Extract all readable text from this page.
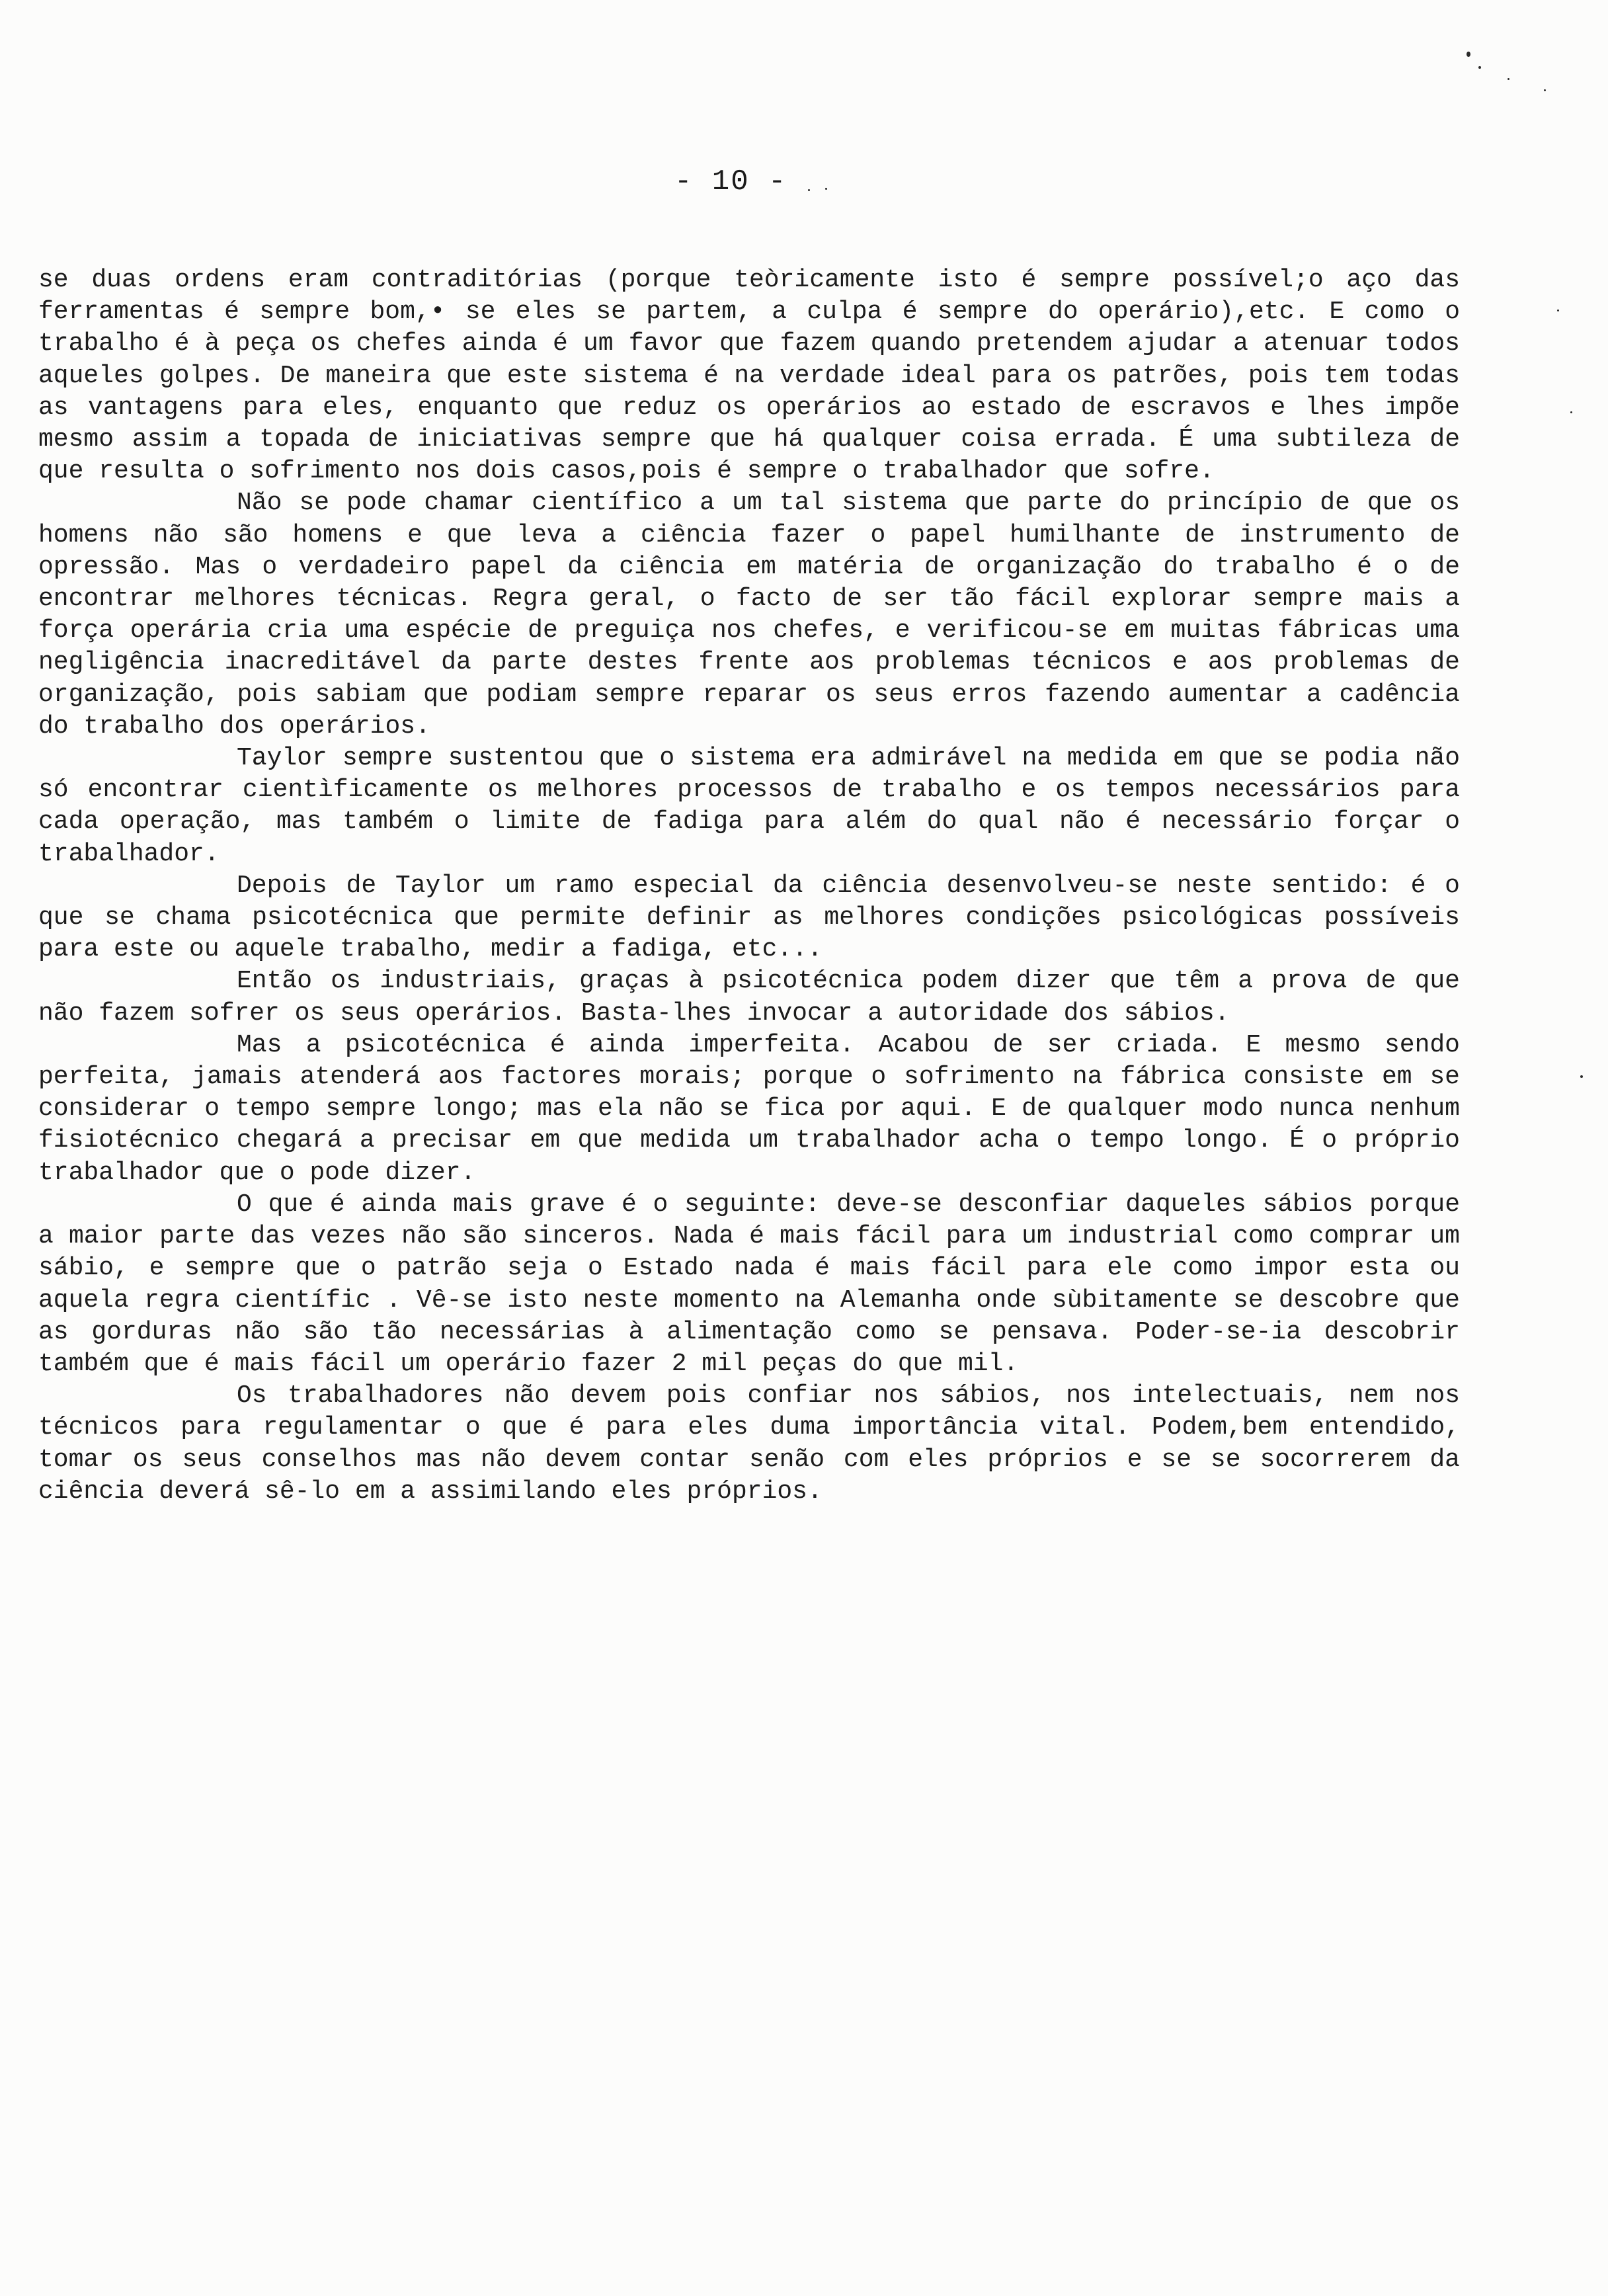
- 10 -

se duas ordens eram contraditórias (porque teòricamente isto é sempre possível;o aço das ferramentas é sempre bom,• se eles se partem, a culpa é sempre do operário),etc. E como o trabalho é à peça os chefes ainda é um favor que fazem quando pretendem ajudar a atenuar todos aqueles golpes. De maneira que este sistema é na verdade ideal para os patrões, pois tem todas as vantagens para eles, enquanto que reduz os operários ao estado de escravos e lhes impõe mesmo assim a topada de iniciativas sempre que há qualquer coisa errada. É uma subtileza de que resulta o sofrimento nos dois casos,pois é sempre o trabalhador que sofre.

Não se pode chamar científico a um tal sistema que parte do princípio de que os homens não são homens e que leva a ciência fazer o papel humilhante de instrumento de opressão. Mas o verdadeiro papel da ciência em matéria de organização do trabalho é o de encontrar melhores técnicas. Regra geral, o facto de ser tão fácil explorar sempre mais a força operária cria uma espécie de preguiça nos chefes, e verificou-se em muitas fábricas uma negligência inacreditável da parte destes frente aos problemas técnicos e aos problemas de organização, pois sabiam que podiam sempre reparar os seus erros fazendo aumentar a cadência do trabalho dos operários.

Taylor sempre sustentou que o sistema era admirável na medida em que se podia não só encontrar cientìficamente os melhores processos de trabalho e os tempos necessários para cada operação, mas também o limite de fadiga para além do qual não é necessário forçar o trabalhador.

Depois de Taylor um ramo especial da ciência desenvolveu-se neste sentido: é o que se chama psicotécnica que permite definir as melhores condições psicológicas possíveis para este ou aquele trabalho, medir a fadiga, etc...

Então os industriais, graças à psicotécnica podem dizer que têm a prova de que não fazem sofrer os seus operários. Basta-lhes invocar a autoridade dos sábios.

Mas a psicotécnica é ainda imperfeita. Acabou de ser criada. E mesmo sendo perfeita, jamais atenderá aos factores morais; porque o sofrimento na fábrica consiste em se considerar o tempo sempre longo; mas ela não se fica por aqui. E de qualquer modo nunca nenhum fisiotécnico chegará a precisar em que medida um trabalhador acha o tempo longo. É o próprio trabalhador que o pode dizer.

O que é ainda mais grave é o seguinte: deve-se desconfiar daqueles sábios porque a maior parte das vezes não são sinceros. Nada é mais fácil para um industrial como comprar um sábio, e sempre que o patrão seja o Estado nada é mais fácil para ele como impor esta ou aquela regra científic . Vê-se isto neste momento na Alemanha onde sùbitamente se descobre que as gorduras não são tão necessárias à alimentação como se pensava. Poder-se-ia descobrir também que é mais fácil um operário fazer 2 mil peças do que mil.

Os trabalhadores não devem pois confiar nos sábios, nos intelectuais, nem nos técnicos para regulamentar o que é para eles duma importância vital. Podem,bem entendido, tomar os seus conselhos mas não devem contar senão com eles próprios e se se socorrerem da ciência deverá sê-lo em a assimilando eles próprios.
